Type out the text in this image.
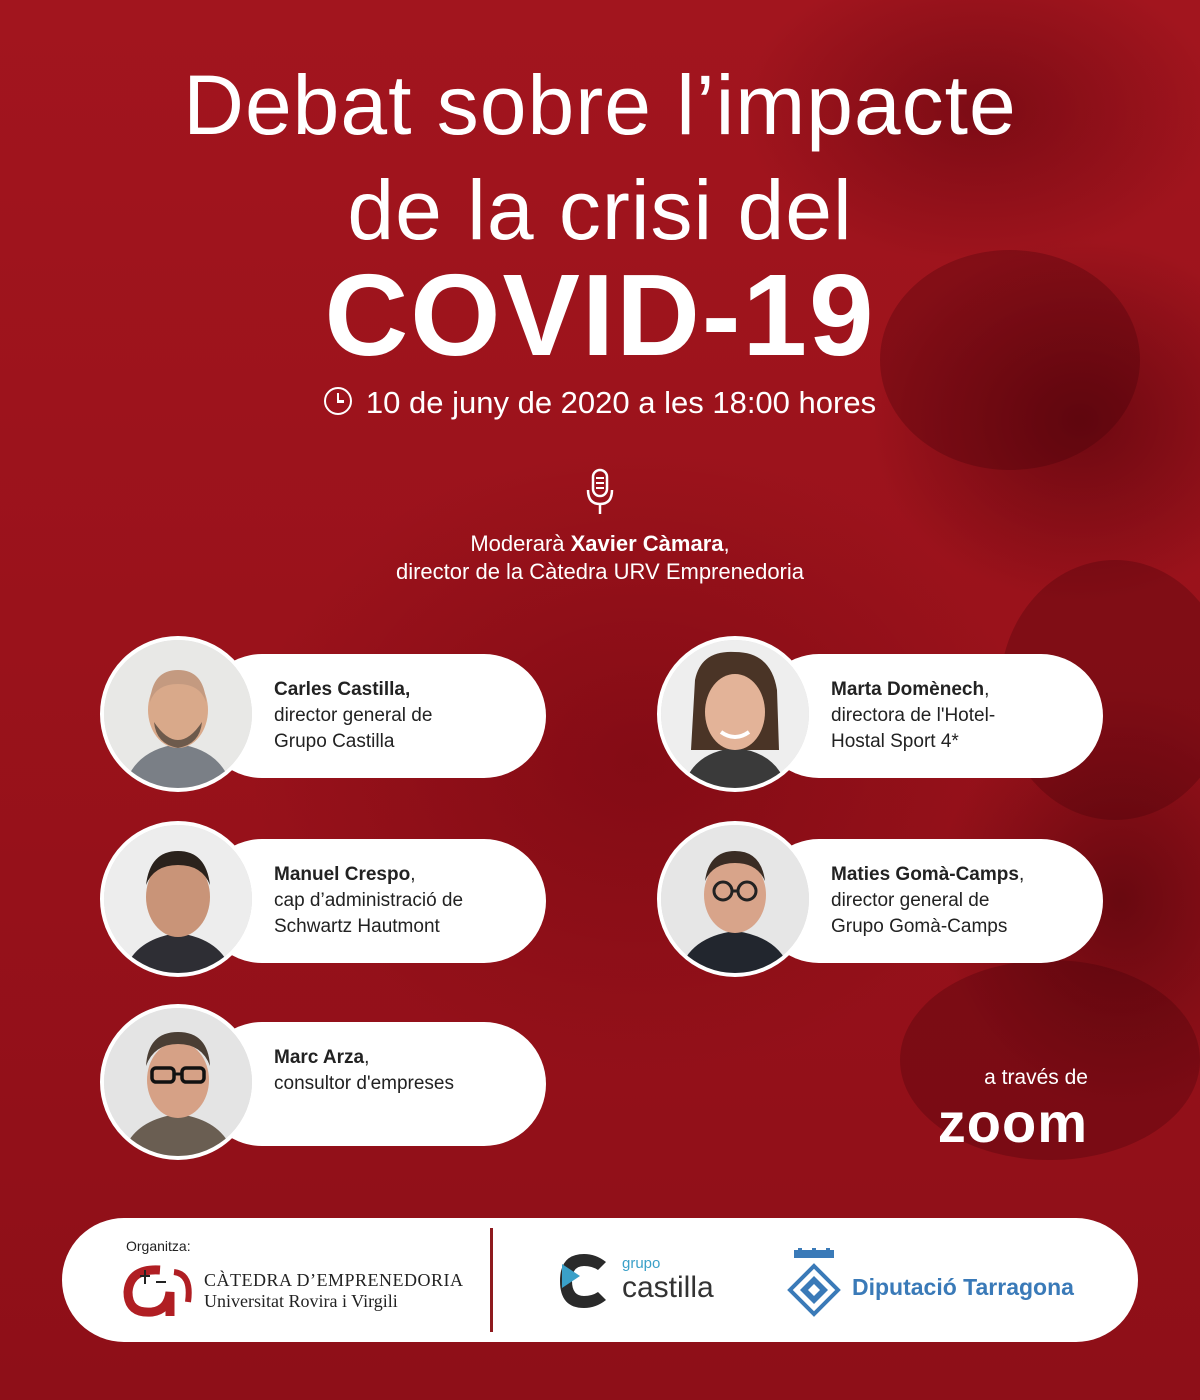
Debat sobre l’impacte
de la crisi del
COVID-19
10 de juny de 2020 a les 18:00 hores
Moderarà Xavier Càmara,
director de la Càtedra URV Emprenedoria
Carles Castilla,
director general de
Grupo Castilla
Marta Domènech,
directora de l'Hotel-
Hostal Sport 4*
Manuel Crespo,
cap d’administració de
Schwartz Hautmont
Maties Gomà-Camps,
director general de
Grupo Gomà-Camps
Marc Arza,
consultor d'empreses	a través de
zoom
Organitza:
CÀTEDRA D’EMPRENEDORIA
Universitat Rovira i Virgili
grupo
castilla	Diputació Tarragona
